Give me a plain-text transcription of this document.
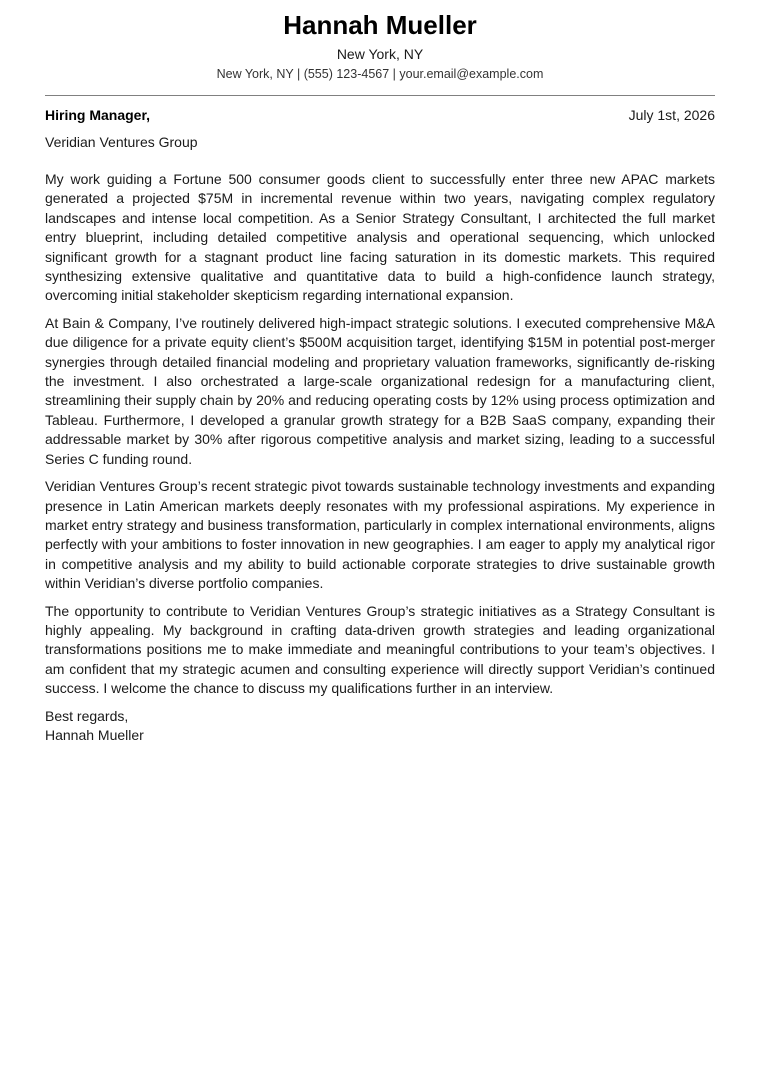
Hannah Mueller
New York, NY
New York, NY | (555) 123-4567 | your.email@example.com
Hiring Manager,	July 1st, 2026
Veridian Ventures Group

My work guiding a Fortune 500 consumer goods client to successfully enter three new APAC markets generated a projected $75M in incremental revenue within two years, navigating complex regulatory landscapes and intense local competition. As a Senior Strategy Consultant, I architected the full market entry blueprint, including detailed competitive analysis and operational sequencing, which unlocked significant growth for a stagnant product line facing saturation in its domestic markets. This required synthesizing extensive qualitative and quantitative data to build a high-confidence launch strategy, overcoming initial stakeholder skepticism regarding international expansion.

At Bain & Company, I’ve routinely delivered high-impact strategic solutions. I executed comprehensive M&A due diligence for a private equity client’s $500M acquisition target, identifying $15M in potential post-merger synergies through detailed financial modeling and proprietary valuation frameworks, significantly de-risking the investment. I also orchestrated a large-scale organizational redesign for a manufacturing client, streamlining their supply chain by 20% and reducing operating costs by 12% using process optimization and Tableau. Furthermore, I developed a granular growth strategy for a B2B SaaS company, expanding their addressable market by 30% after rigorous competitive analysis and market sizing, leading to a successful Series C funding round.

Veridian Ventures Group’s recent strategic pivot towards sustainable technology investments and expanding presence in Latin American markets deeply resonates with my professional aspirations. My experience in market entry strategy and business transformation, particularly in complex international environments, aligns perfectly with your ambitions to foster innovation in new geographies. I am eager to apply my analytical rigor in competitive analysis and my ability to build actionable corporate strategies to drive sustainable growth within Veridian’s diverse portfolio companies.

The opportunity to contribute to Veridian Ventures Group’s strategic initiatives as a Strategy Consultant is highly appealing. My background in crafting data-driven growth strategies and leading organizational transformations positions me to make immediate and meaningful contributions to your team’s objectives. I am confident that my strategic acumen and consulting experience will directly support Veridian’s continued success. I welcome the chance to discuss my qualifications further in an interview.

Best regards,
Hannah Mueller
